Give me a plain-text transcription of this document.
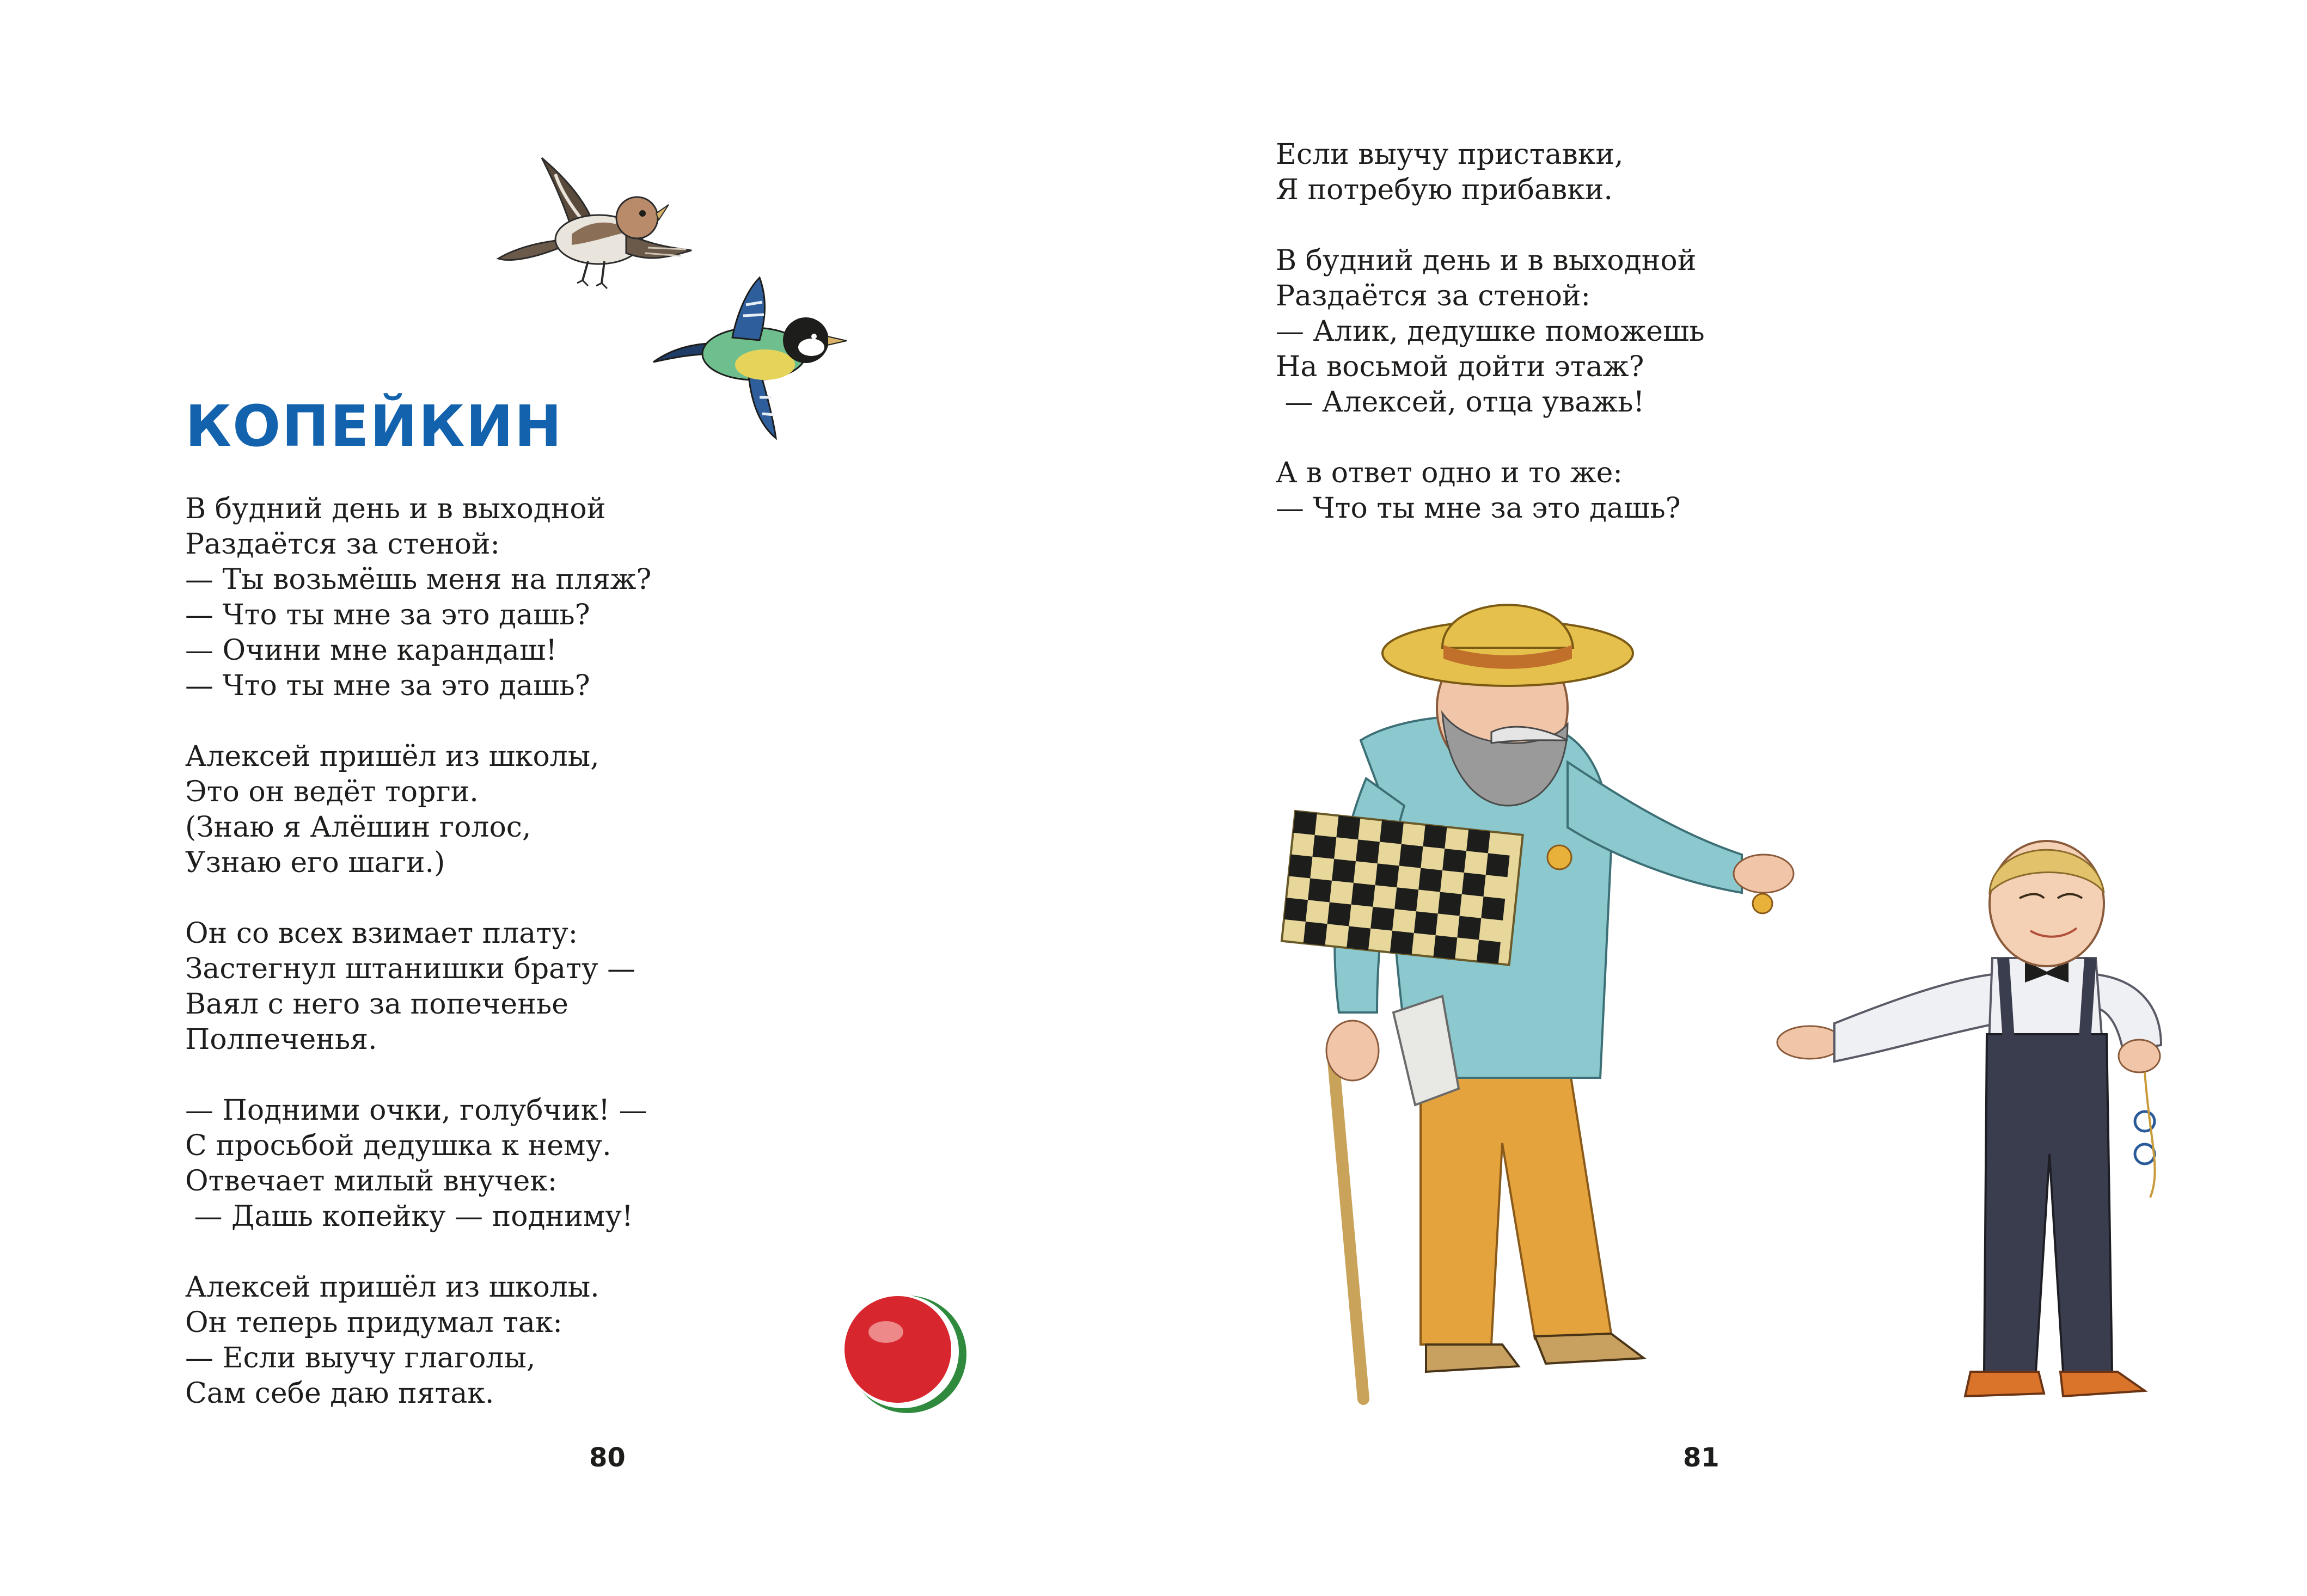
КОПЕЙКИН
В будний день и в выходной
Раздаётся за стеной:
— Ты возьмёшь меня на пляж?
— Что ты мне за это дашь?
— Очини мне карандаш!
— Что ты мне за это дашь?
Алексей пришёл из школы,
Это он ведёт торги.
(Знаю я Алёшин голос,
Узнаю его шаги.)
Он со всех взимает плату:
Застегнул штанишки брату —
Ваял с него за попеченье
Полпеченья.
— Подними очки, голубчик! —
С просьбой дедушка к нему.
Отвечает милый внучек:
— Дашь копейку — подниму!
Алексей пришёл из школы.
Он теперь придумал так:
— Если выучу глаголы,
Сам себе даю пятак.
80
Если выучу приставки,
Я потребую прибавки.
В будний день и в выходной
Раздаётся за стеной:
— Алик, дедушке поможешь
На восьмой дойти этаж?
— Алексей, отца уважь!
А в ответ одно и то же:
— Что ты мне за это дашь?
81
